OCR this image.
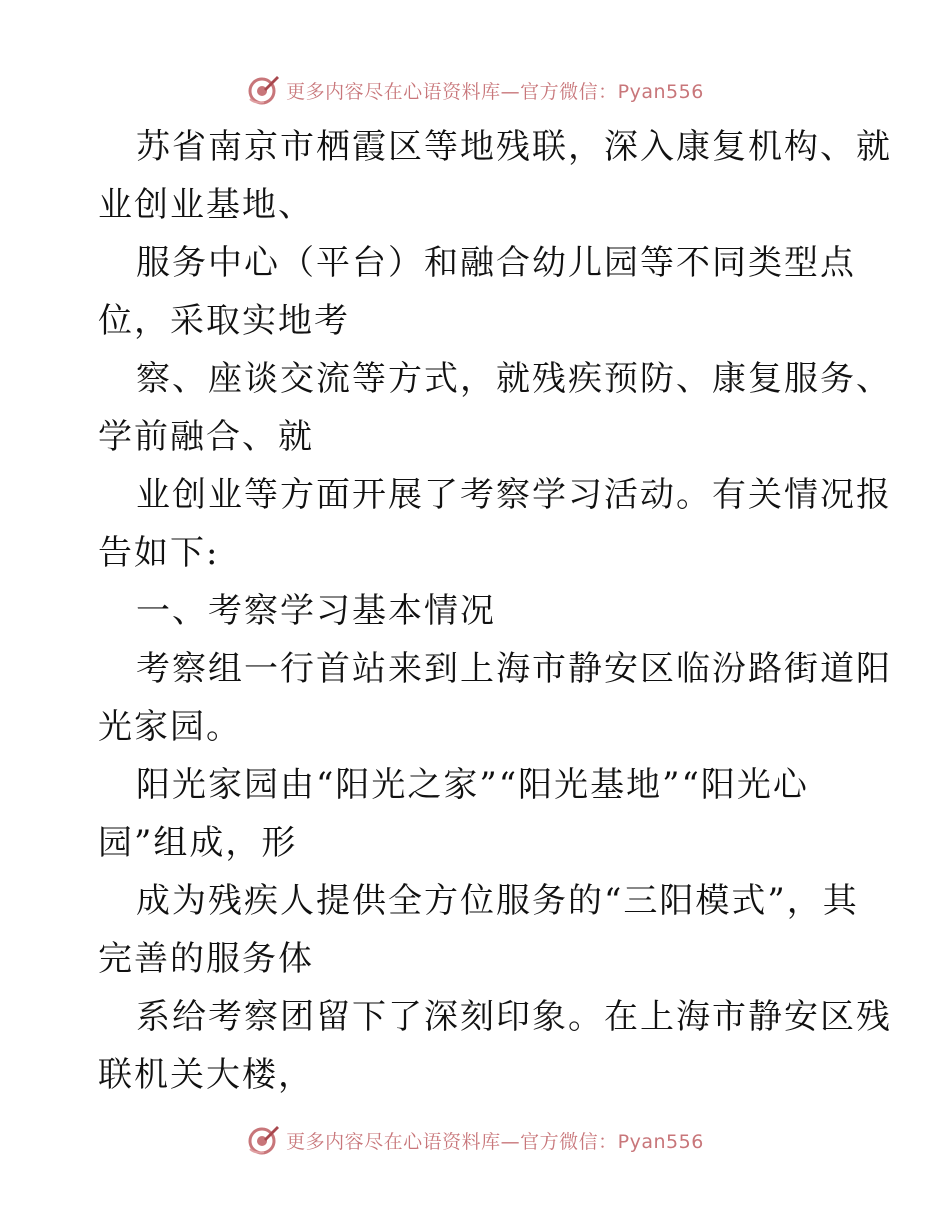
更多内容尽在心语资料库—官方微信：Pyan556
苏省南京市栖霞区等地残联，深入康复机构、就
业创业基地、
服务中心（平台）和融合幼儿园等不同类型点
位，采取实地考
察、座谈交流等方式，就残疾预防、康复服务、
学前融合、就
业创业等方面开展了考察学习活动。有关情况报
告如下:
一、考察学习基本情况
考察组一行首站来到上海市静安区临汾路街道阳
光家园。
阳光家园由“阳光之家”“阳光基地”“阳光心
园”组成，形
成为残疾人提供全方位服务的“三阳模式”，其
完善的服务体
系给考察团留下了深刻印象。在上海市静安区残
联机关大楼，
更多内容尽在心语资料库—官方微信：Pyan556
